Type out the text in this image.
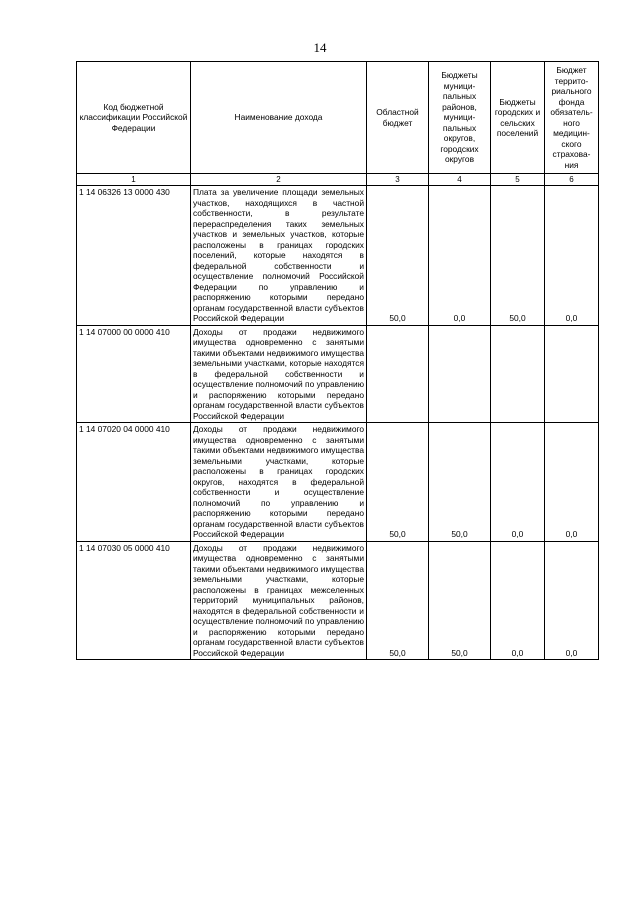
14
Код бюджетной классификации Российской Федерации	Наименование дохода	Областной бюджет	Бюджеты муници-пальных районов, муници-пальных округов, городских округов	Бюджеты городских и сельских поселений	Бюджет террито-риального фонда обязатель-ного медицин-ского страхова-ния
1	2	3	4	5	6
1 14 06326 13 0000 430	Плата за увеличение площади земельных участков, находящихся в частной собственности, в результате перераспределения таких земельных участков и земельных участков, которые расположены в границах городских поселений, которые находятся в федеральной собственности и осуществление полномочий Российской Федерации по управлению и распоряжению которыми передано органам государственной власти субъектов Российской Федерации	50,0	0,0	50,0	0,0
1 14 07000 00 0000 410	Доходы от продажи недвижимого имущества одновременно с занятыми такими объектами недвижимого имущества земельными участками, которые находятся в федеральной собственности и осуществление полномочий по управлению и распоряжению которыми передано органам государственной власти субъектов Российской Федерации				
1 14 07020 04 0000 410	Доходы от продажи недвижимого имущества одновременно с занятыми такими объектами недвижимого имущества земельными участками, которые расположены в границах городских округов, находятся в федеральной собственности и осуществление полномочий по управлению и распоряжению которыми передано органам государственной власти субъектов Российской Федерации	50,0	50,0	0,0	0,0
1 14 07030 05 0000 410	Доходы от продажи недвижимого имущества одновременно с занятыми такими объектами недвижимого имущества земельными участками, которые расположены в границах межселенных территорий муниципальных районов, находятся в федеральной собственности и осуществление полномочий по управлению и распоряжению которыми передано органам государственной власти субъектов Российской Федерации	50,0	50,0	0,0	0,0
